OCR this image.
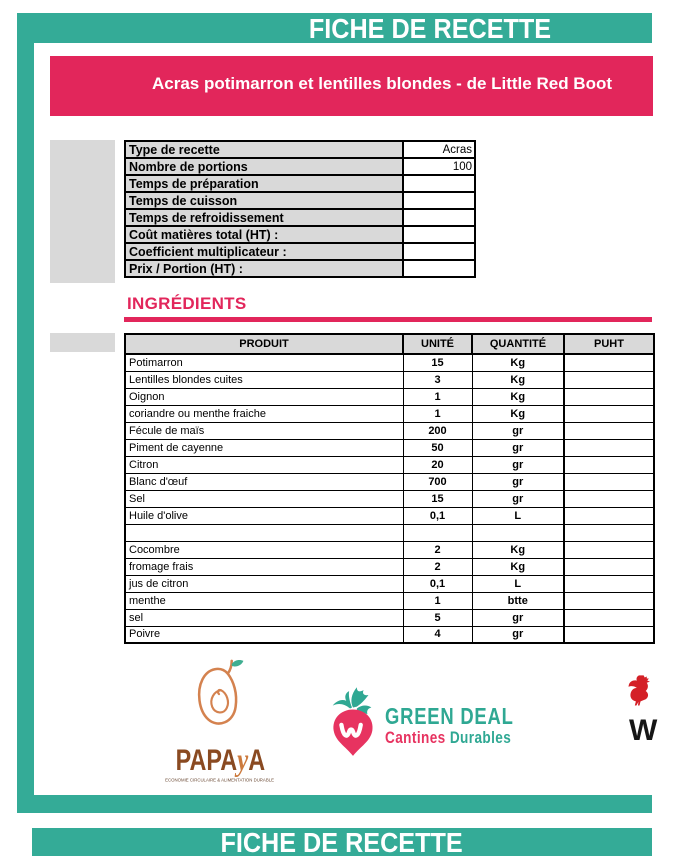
FICHE DE RECETTE
Acras potimarron et lentilles blondes - de Little Red Boot
Type de recette	Acras
Nombre de portions	100
Temps de préparation	
Temps de cuisson	
Temps de refroidissement	
Coût matières total (HT) :	
Coefficient multiplicateur :	
Prix / Portion (HT) :	
INGRÉDIENTS
PRODUIT	UNITÉ	QUANTITÉ	PUHT
Potimarron	15	Kg	
Lentilles blondes cuites	3	Kg	
Oignon	1	Kg	
coriandre ou menthe fraiche	1	Kg	
Fécule de maïs	200	gr	
Piment de cayenne	50	gr	
Citron	20	gr	
Blanc d'œuf	700	gr	
Sel	15	gr	
Huile d'olive	0,1	L	

Cocombre	2	Kg	
fromage frais	2	Kg	
jus de citron	0,1	L	
menthe	1	btte	
sel	5	gr	
Poivre	4	gr	
PAPAyA
ÉCONOMIE CIRCULAIRE & ALIMENTATION DURABLE
GREEN DEAL
Cantines Durables	W
FICHE DE RECETTE
